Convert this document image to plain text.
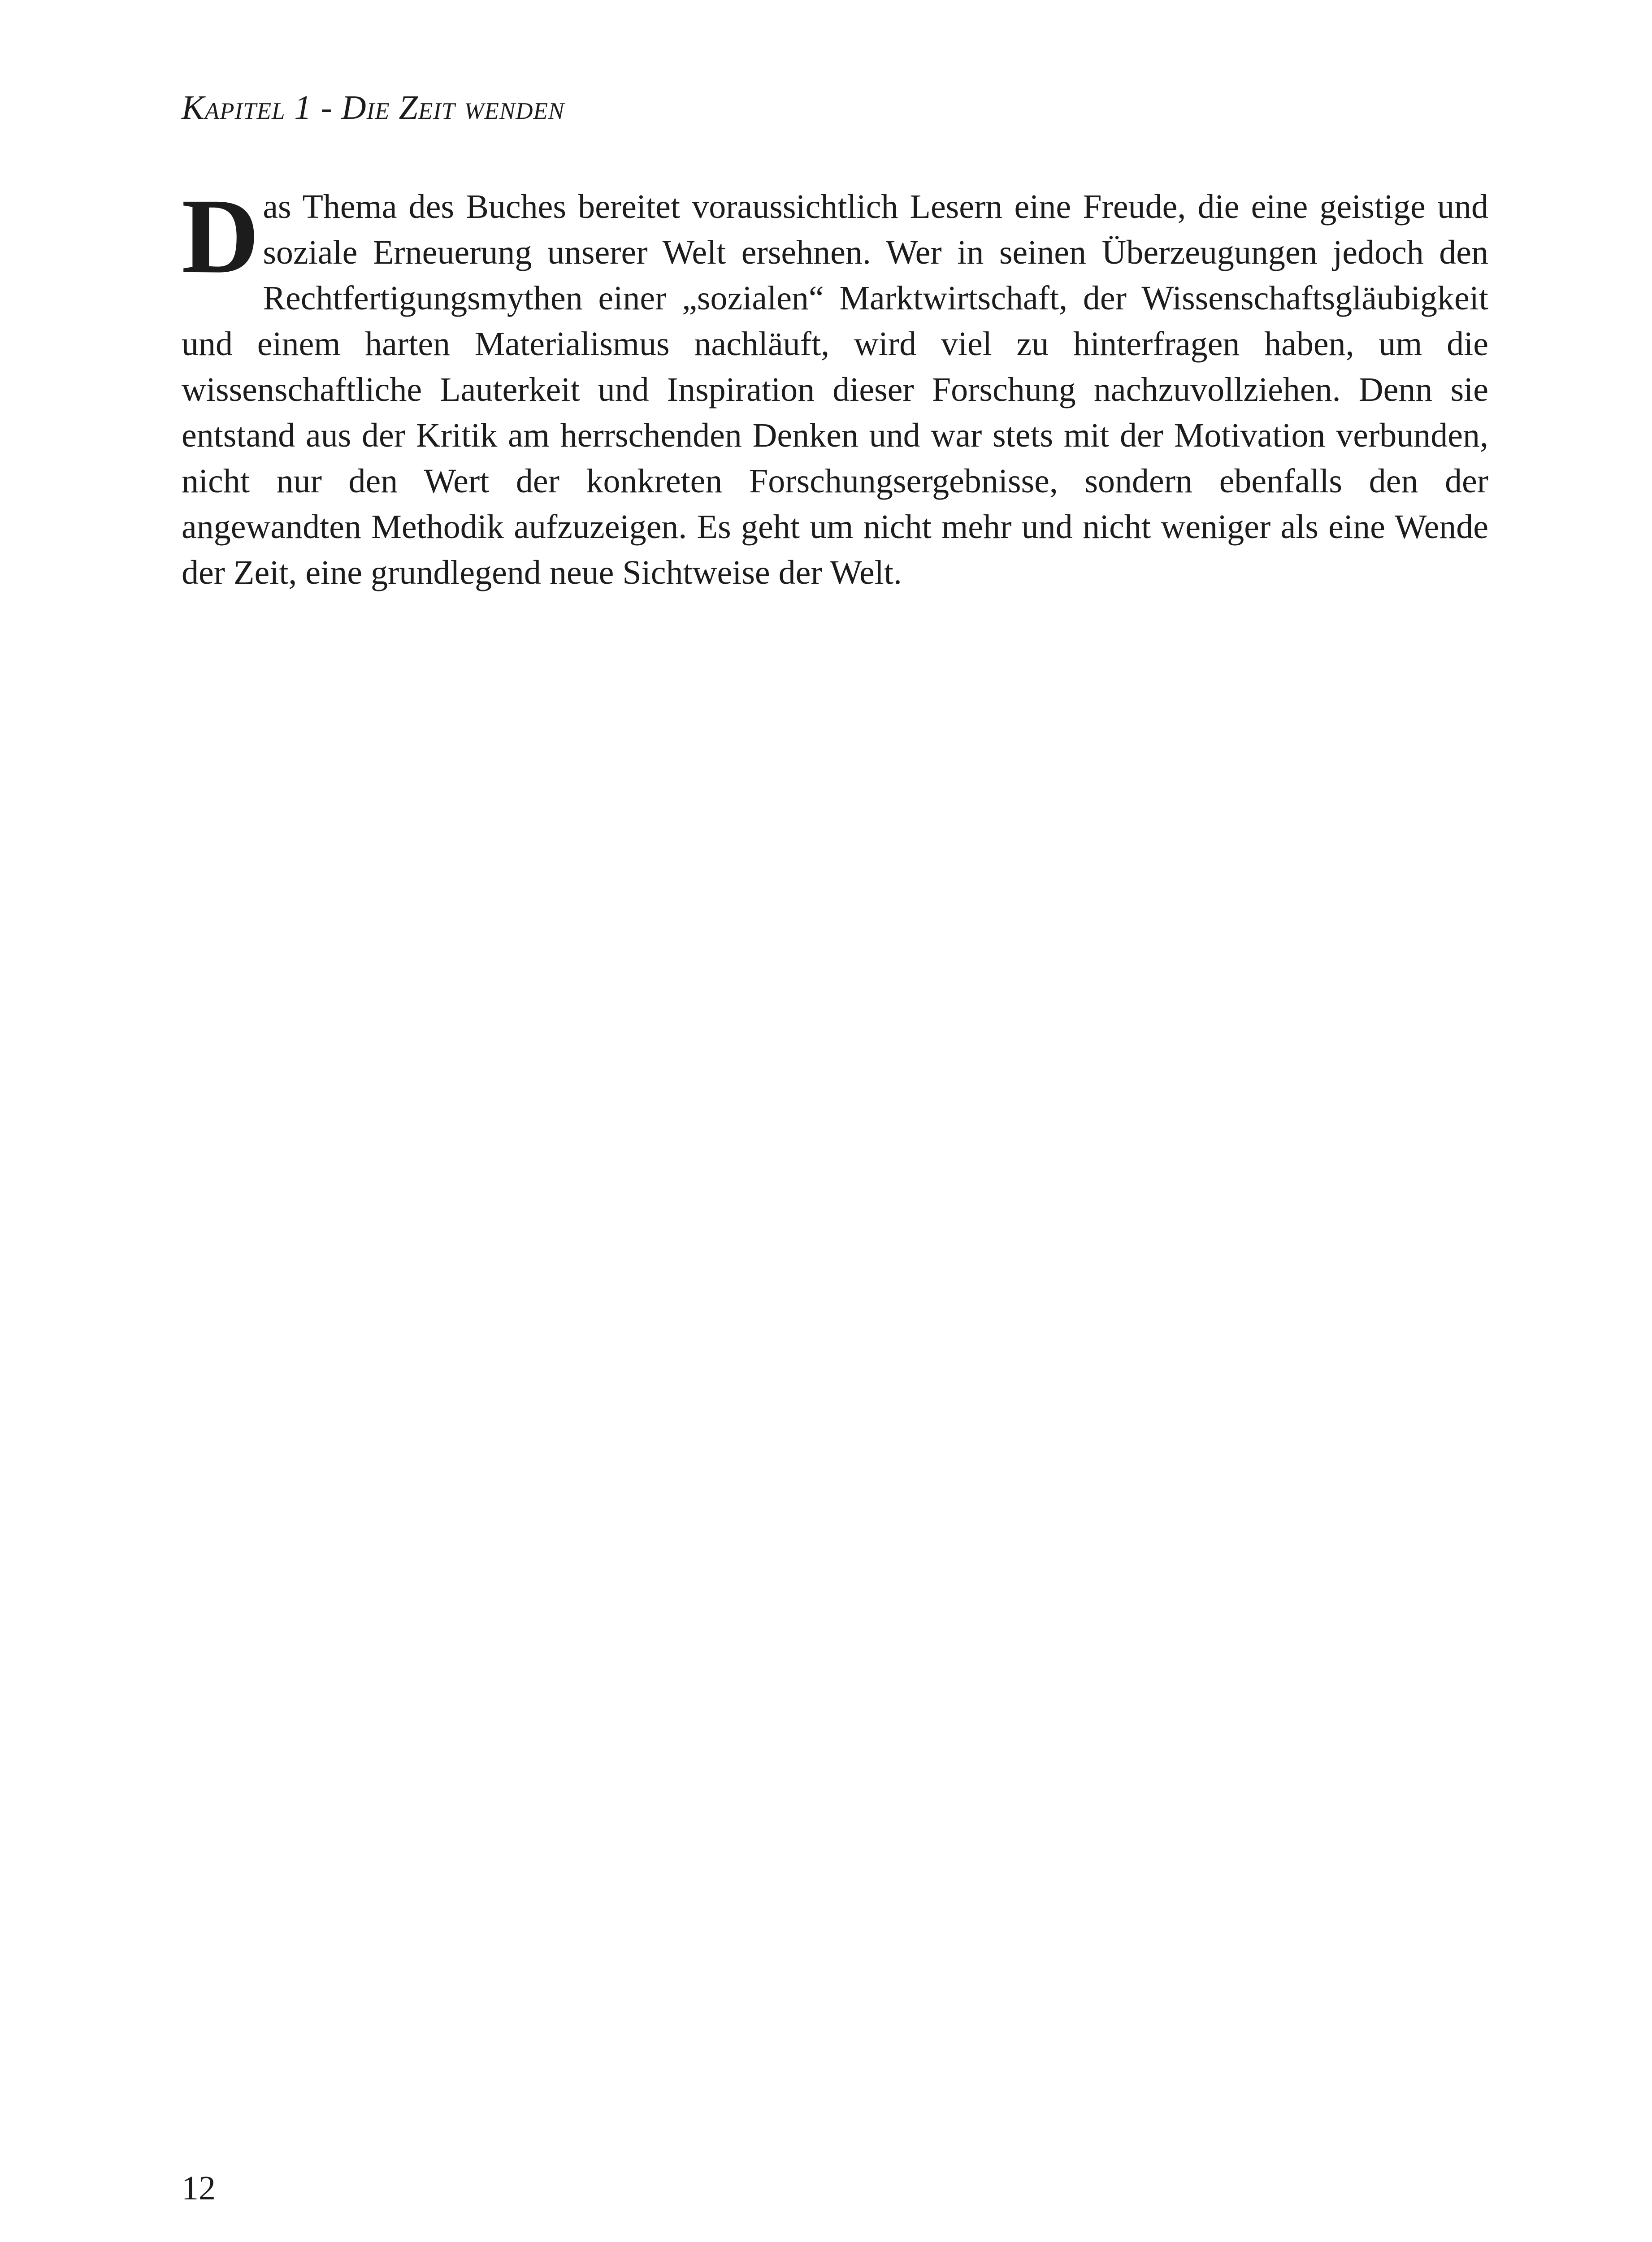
Kapitel 1 - Die Zeit wenden

Das Thema des Buches bereitet voraussichtlich Lesern eine Freude, die eine geistige und soziale Erneuerung unserer Welt ersehnen. Wer in seinen Überzeugungen jedoch den Rechtfertigungsmythen einer „sozialen“ Marktwirtschaft, der Wissenschaftsgläubigkeit und einem harten Materialismus nachläuft, wird viel zu hinterfragen haben, um die wissenschaftliche Lauterkeit und Inspiration dieser Forschung nachzuvollziehen. Denn sie entstand aus der Kritik am herrschenden Denken und war stets mit der Motivation verbunden, nicht nur den Wert der konkreten Forschungsergebnisse, sondern ebenfalls den der angewandten Methodik aufzuzeigen. Es geht um nicht mehr und nicht weniger als eine Wende der Zeit, eine grundlegend neue Sichtweise der Welt.

12
